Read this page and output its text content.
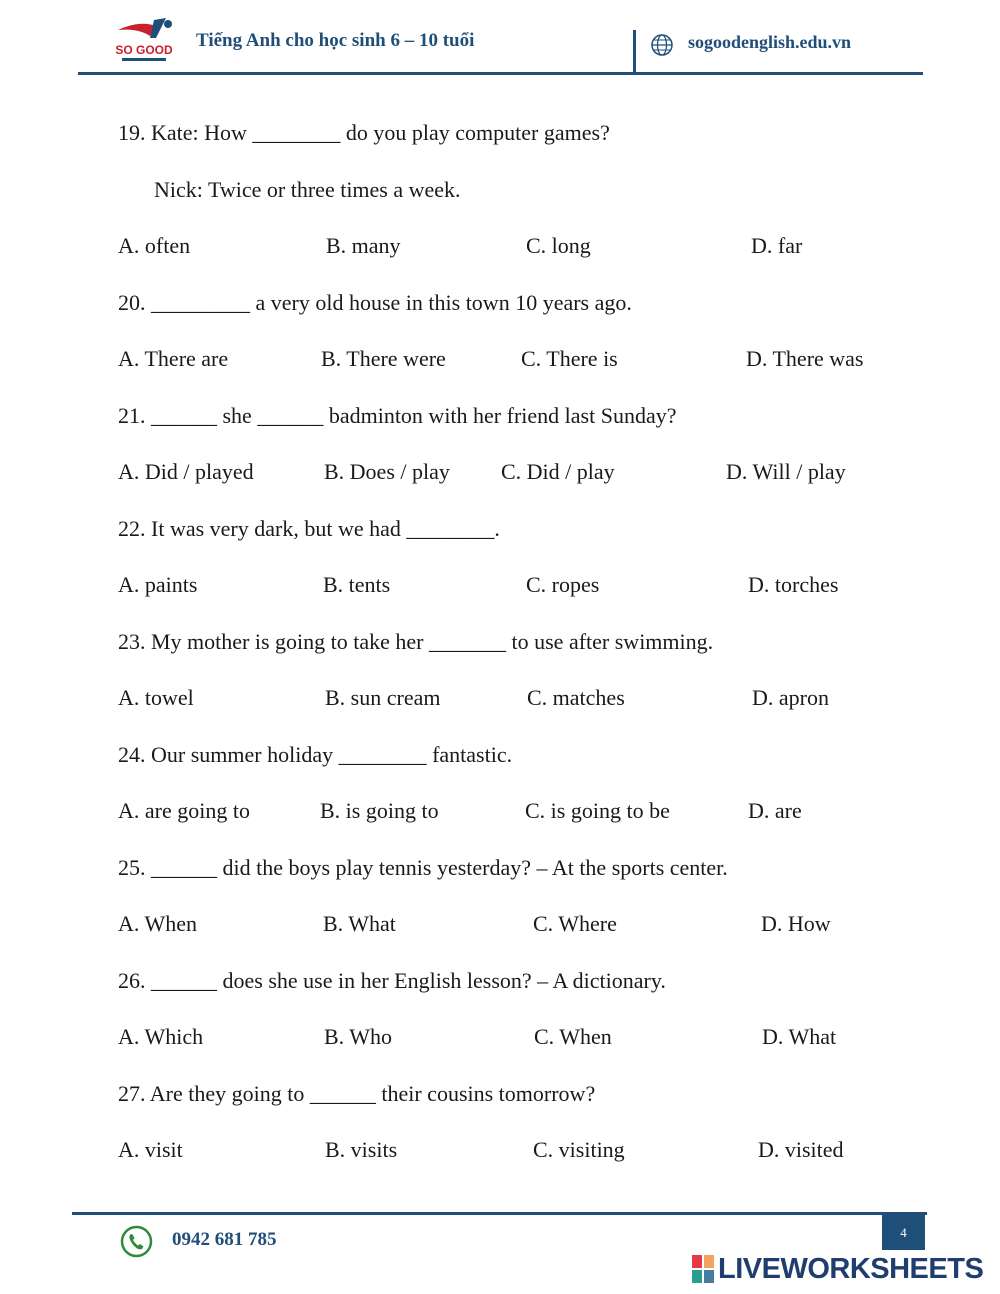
SO GOOD Tiếng Anh cho học sinh 6 – 10 tuổi	sogoodenglish.edu.vn
19. Kate: How ________ do you play computer games?
Nick: Twice or three times a week.
A. often	B. many	C. long	D. far
20. _________ a very old house in this town 10 years ago.
A. There are	B. There were	C. There is	D. There was
21. ______ she ______ badminton with her friend last Sunday?
A. Did / played	B. Does / play C. Did / play	D. Will / play
22. It was very dark, but we had ________.
A. paints	B. tents	C. ropes	D. torches
23. My mother is going to take her _______ to use after swimming.
A. towel	B. sun cream	C. matches	D. apron
24. Our summer holiday ________ fantastic.
A. are going to	B. is going to	C. is going to be	D. are
25. ______ did the boys play tennis yesterday? – At the sports center.
A. When	B. What	C. Where	D. How
26. ______ does she use in her English lesson? – A dictionary.
A. Which	B. Who	C. When	D. What
27. Are they going to ______ their cousins tomorrow?
A. visit	B. visits	C. visiting	D. visited
4
0942 681 785
LIVEWORKSHEETS
